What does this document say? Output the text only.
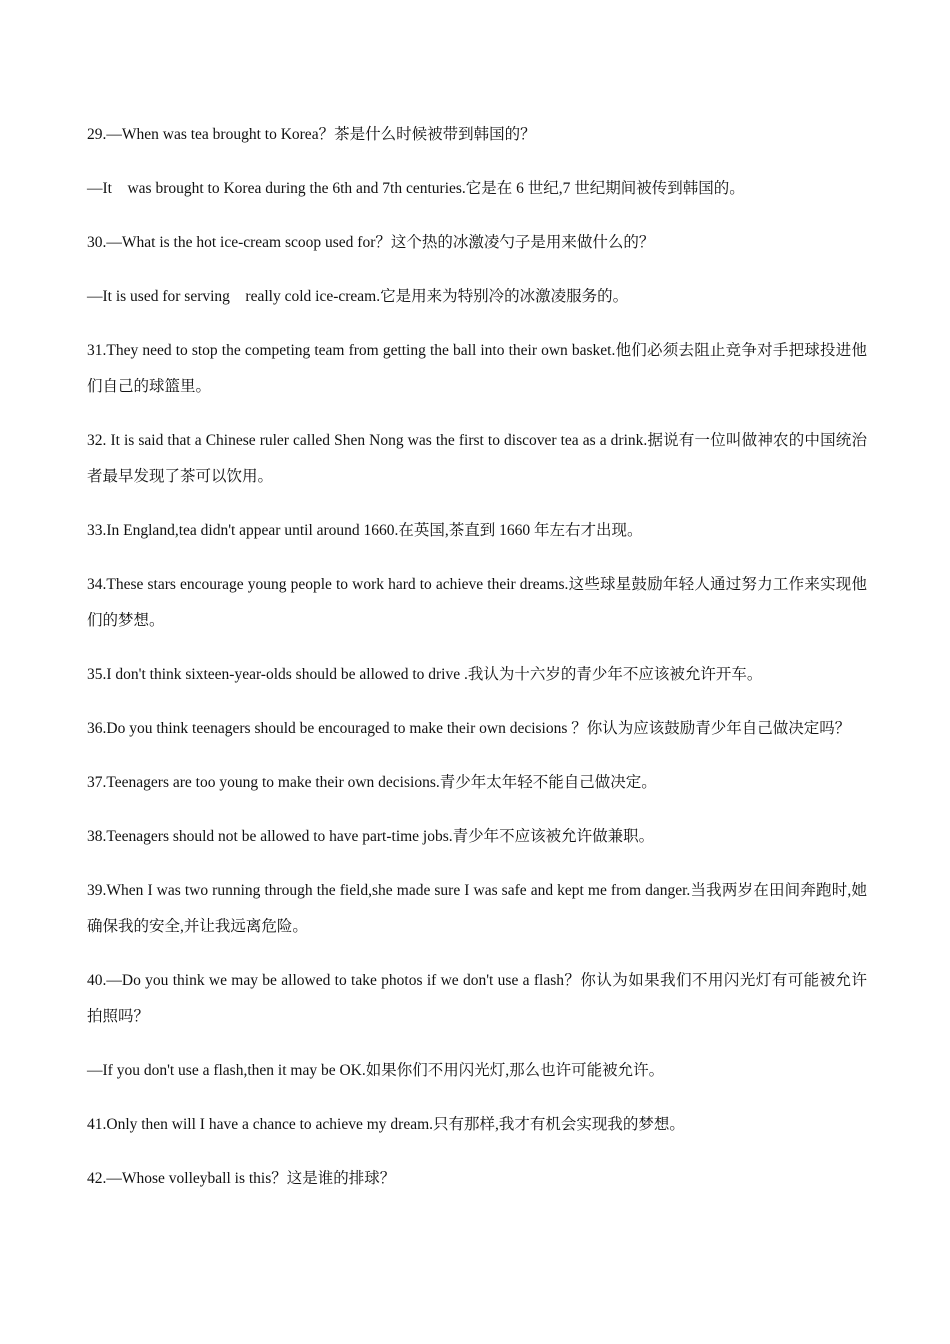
29.—When was tea brought to Korea？茶是什么时候被带到韩国的？

—It　was brought to Korea during the 6th and 7th centuries.它是在 6 世纪,7 世纪期间被传到韩国的。

30.—What is the hot ice-cream scoop used for？这个热的冰激凌勺子是用来做什么的？

—It is used for serving　really cold ice-cream.它是用来为特别冷的冰激凌服务的。

31.They need to stop the competing team from getting the ball into their own basket.他们必须去阻止竞争对手把球投进他们自己的球篮里。

32. It is said that a Chinese ruler called Shen Nong was the first to discover tea as a drink.据说有一位叫做神农的中国统治者最早发现了茶可以饮用。

33.In England,tea didn't appear until around 1660.在英国,茶直到 1660 年左右才出现。

34.These stars encourage young people to work hard to achieve their dreams.这些球星鼓励年轻人通过努力工作来实现他们的梦想。

35.I don't think sixteen-year-olds should be allowed to drive .我认为十六岁的青少年不应该被允许开车。

36.Do you think teenagers should be encouraged to make their own decisions ？你认为应该鼓励青少年自己做决定吗？

37.Teenagers are too young to make their own decisions.青少年太年轻不能自己做决定。

38.Teenagers should not be allowed to have part-time jobs.青少年不应该被允许做兼职。

39.When I was two running through the field,she made sure I was safe and kept me from danger.当我两岁在田间奔跑时,她确保我的安全,并让我远离危险。

40.—Do you think we may be allowed to take photos if we don't use a flash？你认为如果我们不用闪光灯有可能被允许拍照吗？

—If you don't use a flash,then it may be OK.如果你们不用闪光灯,那么也许可能被允许。

41.Only then will I have a chance to achieve my dream.只有那样,我才有机会实现我的梦想。

42.—Whose volleyball is this？这是谁的排球？
